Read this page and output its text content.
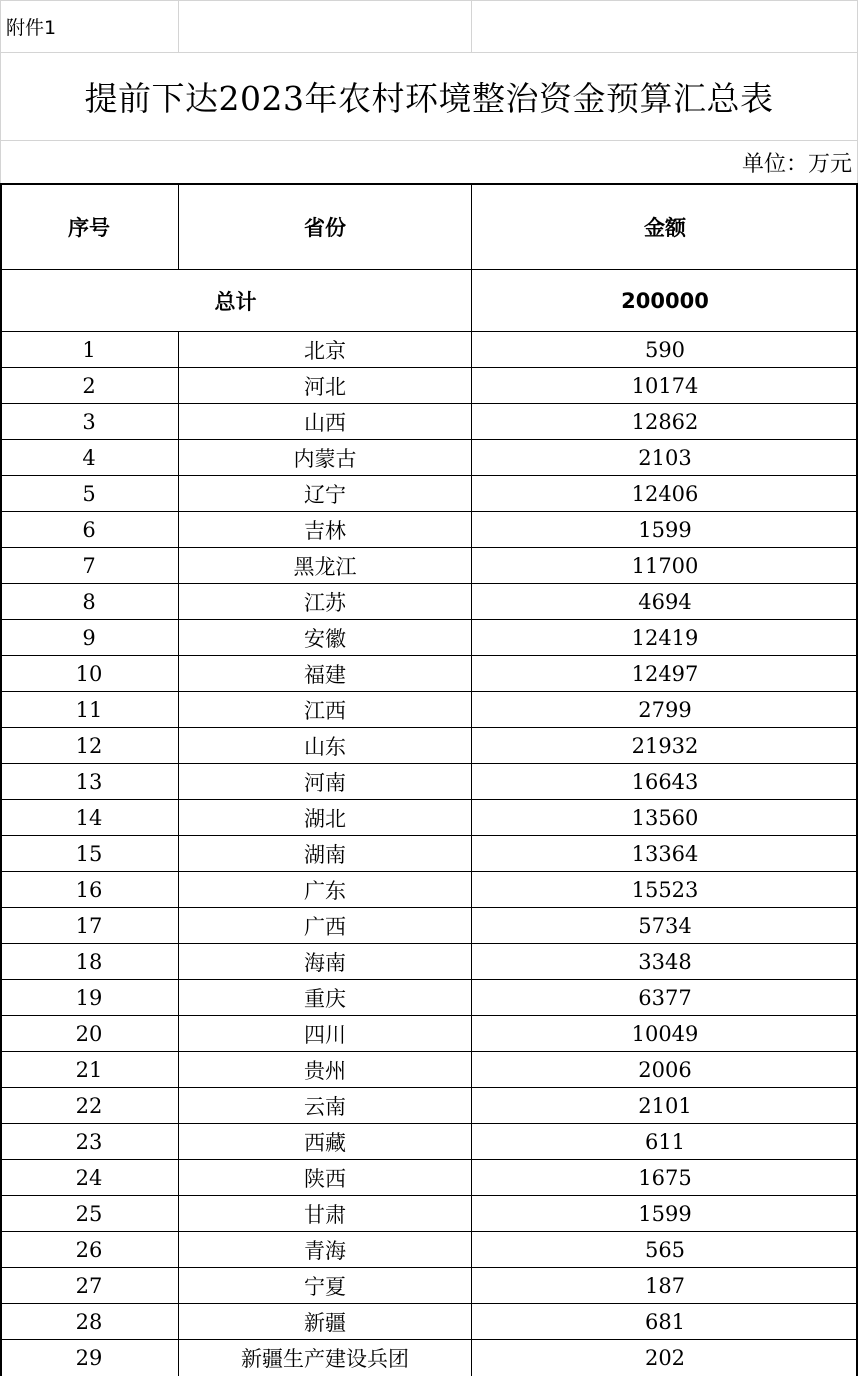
附件1
提前下达2023年农村环境整治资金预算汇总表
单位：万元
序号	省份	金额
总计	200000
1	北京	590
2	河北	10174
3	山西	12862
4	内蒙古	2103
5	辽宁	12406
6	吉林	1599
7	黑龙江	11700
8	江苏	4694
9	安徽	12419
10	福建	12497
11	江西	2799
12	山东	21932
13	河南	16643
14	湖北	13560
15	湖南	13364
16	广东	15523
17	广西	5734
18	海南	3348
19	重庆	6377
20	四川	10049
21	贵州	2006
22	云南	2101
23	西藏	611
24	陕西	1675
25	甘肃	1599
26	青海	565
27	宁夏	187
28	新疆	681
29	新疆生产建设兵团	202
